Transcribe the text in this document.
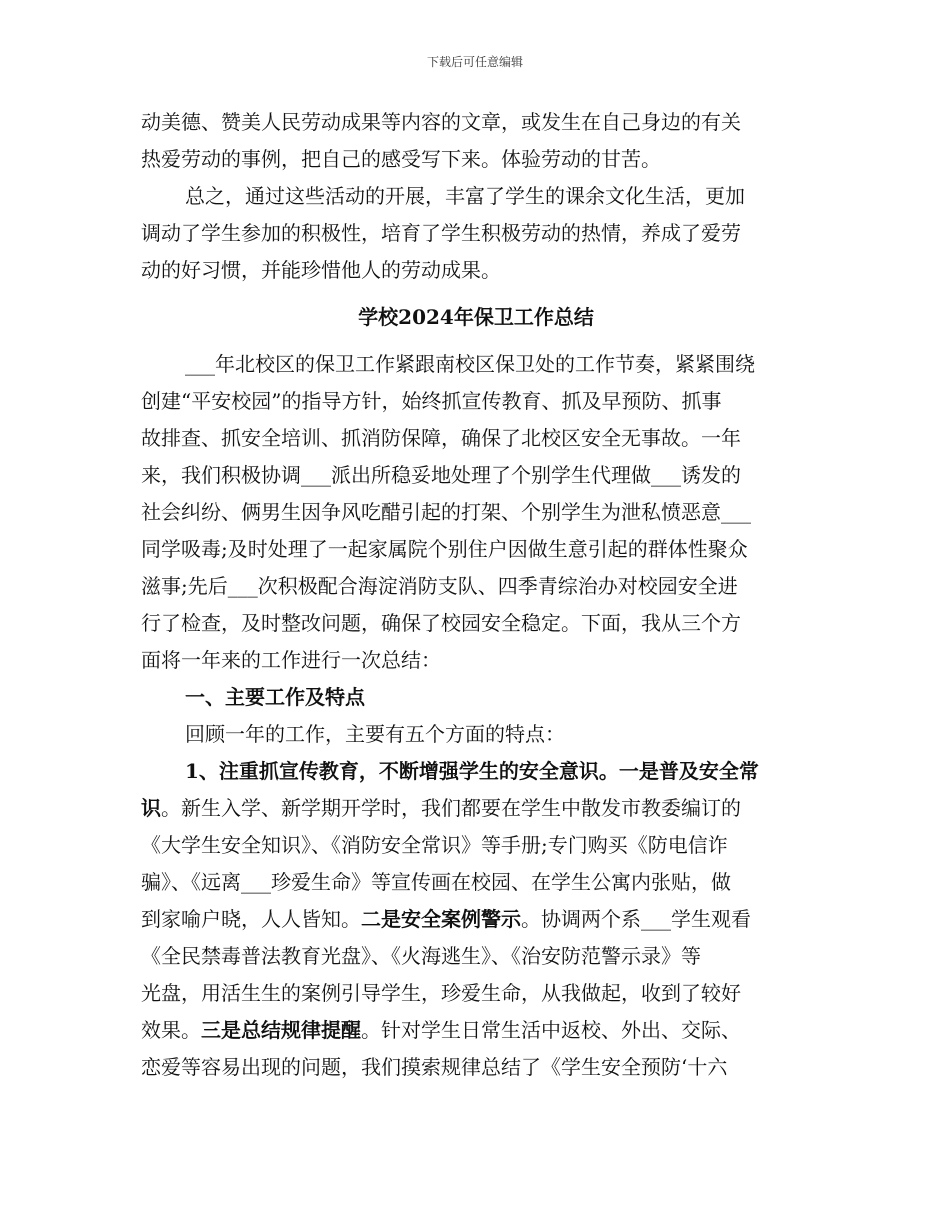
下载后可任意编辑
动美德、赞美人民劳动成果等内容的文章，或发生在自己身边的有关
热爱劳动的事例，把自己的感受写下来。体验劳动的甘苦。
总之，通过这些活动的开展，丰富了学生的课余文化生活，更加
调动了学生参加的积极性，培育了学生积极劳动的热情，养成了爱劳
动的好习惯，并能珍惜他人的劳动成果。
学校2024年保卫工作总结
___年北校区的保卫工作紧跟南校区保卫处的工作节奏，紧紧围绕
创建“平安校园”的指导方针，始终抓宣传教育、抓及早预防、抓事
故排查、抓安全培训、抓消防保障，确保了北校区安全无事故。一年
来，我们积极协调___派出所稳妥地处理了个别学生代理做___诱发的
社会纠纷、俩男生因争风吃醋引起的打架、个别学生为泄私愤恶意___
同学吸毒;及时处理了一起家属院个别住户因做生意引起的群体性聚众
滋事;先后___次积极配合海淀消防支队、四季青综治办对校园安全进
行了检查，及时整改问题，确保了校园安全稳定。下面，我从三个方
面将一年来的工作进行一次总结：
一、主要工作及特点
回顾一年的工作，主要有五个方面的特点：
1、注重抓宣传教育，不断增强学生的安全意识。一是普及安全常
识。新生入学、新学期开学时，我们都要在学生中散发市教委编订的
《大学生安全知识》、《消防安全常识》等手册;专门购买《防电信诈
骗》、《远离___珍爱生命》等宣传画在校园、在学生公寓内张贴，做
到家喻户晓，人人皆知。二是安全案例警示。协调两个系___学生观看
《全民禁毒普法教育光盘》、《火海逃生》、《治安防范警示录》等
光盘，用活生生的案例引导学生，珍爱生命，从我做起，收到了较好
效果。三是总结规律提醒。针对学生日常生活中返校、外出、交际、
恋爱等容易出现的问题，我们摸索规律总结了《学生安全预防‘十六
